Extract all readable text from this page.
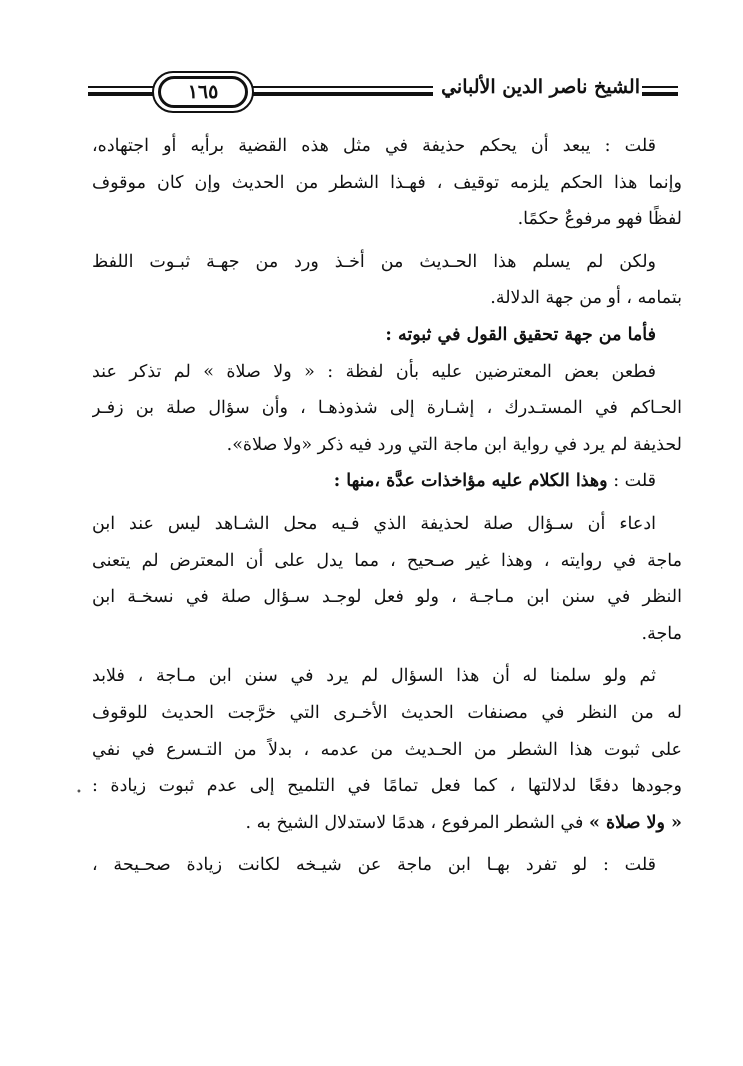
١٦٥	الشيخ ناصر الدين الألباني
قلت : يبعد أن يحكم حذيفة في مثل هذه القضية برأيه أو اجتهاده،
وإنما هذا الحكم يلزمه توقيف ، فهـذا الشطر من الحديث وإن كان موقوف
لفظًا فهو مرفوعٌ حكمًا.
ولكن لم يسلم هذا الحـديث من أخـذ ورد من جهـة ثبـوت اللفظ
بتمامه ، أو من جهة الدلالة.
فأما من جهة تحقيق القول في ثبوته :
فطعن بعض المعترضين عليه بأن لفظة : « ولا صلاة » لم تذكر عند
الحـاكم في المستـدرك ، إشـارة إلى شذوذهـا ، وأن سؤال صلة بن زفـر
لحذيفة لم يرد في رواية ابن ماجة التي ورد فيه ذكر «ولا صلاة».
قلت : وهذا الكلام عليه مؤاخذات عدَّة ،منها :
ادعاء أن سـؤال صلة لحذيفة الذي فـيه محل الشـاهد ليس عند ابن
ماجة في روايته ، وهذا غير صـحيح ، مما يدل على أن المعترض لم يتعنى
النظر في سنن ابن مـاجـة ، ولو فعل لوجـد سـؤال صلة في نسخـة ابن
ماجة.
ثم ولو سلمنا له أن هذا السؤال لم يرد في سنن ابن مـاجة ، فلابد
له من النظر في مصنفات الحديث الأخـرى التي خرَّجت الحديث للوقوف
على ثبوت هذا الشطر من الحـديث من عدمه ، بدلاً من التـسرع في نفي
وجودها دفعًا لدلالتها ، كما فعل تمامًا في التلميح إلى عدم ثبوت زيادة :
« ولا صلاة » في الشطر المرفوع ، هدمًا لاستدلال الشيخ به .
قلت : لو تفرد بهـا ابن ماجة عن شيـخه لكانت زيادة صحـيحة ،
•
